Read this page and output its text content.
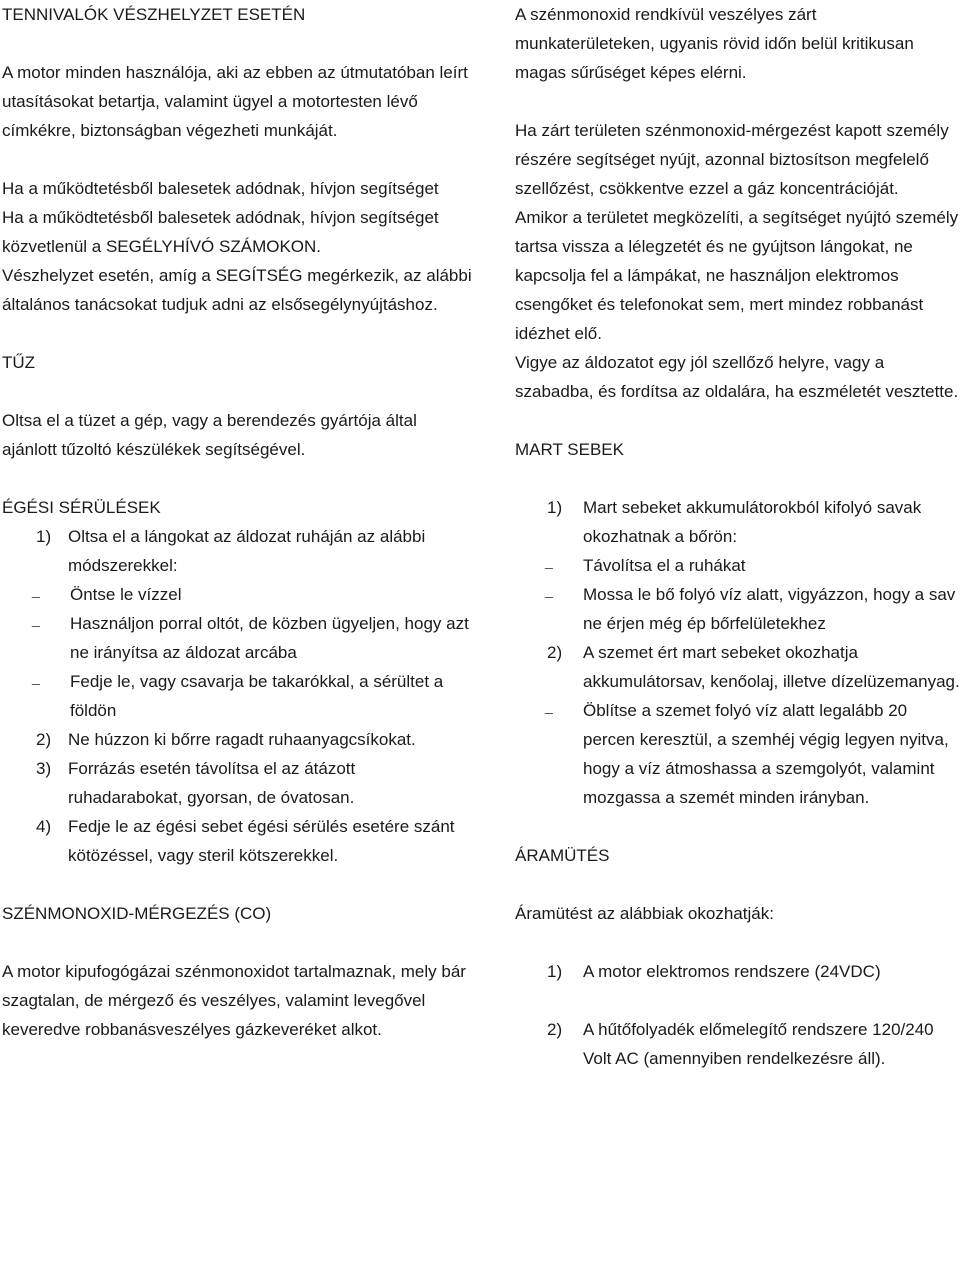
TENNIVALÓK VÉSZHELYZET ESETÉN

A motor minden használója, aki az ebben az útmutatóban leírt utasításokat betartja, valamint ügyel a motortesten lévő címkékre, biztonságban végezheti munkáját.

Ha a működtetésből balesetek adódnak, hívjon segítséget

Ha a működtetésből balesetek adódnak, hívjon segítséget közvetlenül a SEGÉLYHÍVÓ SZÁMOKON.

Vészhelyzet esetén, amíg a SEGÍTSÉG megérkezik, az alábbi általános tanácsokat tudjuk adni az elsősegélynyújtáshoz.

TŰZ

Oltsa el a tüzet a gép, vagy a berendezés gyártója által ajánlott tűzoltó készülékek segítségével.

ÉGÉSI SÉRÜLÉSEK

1) Oltsa el a lángokat az áldozat ruháján az alábbi módszerekkel:
_ Öntse le vízzel
_ Használjon porral oltót, de közben ügyeljen, hogy azt ne irányítsa az áldozat arcába
_ Fedje le, vagy csavarja be takarókkal, a sérültet a földön
2) Ne húzzon ki bőrre ragadt ruhaanyagcsíkokat.
3) Forrázás esetén távolítsa el az átázott ruhadarabokat, gyorsan, de óvatosan.
4) Fedje le az égési sebet égési sérülés esetére szánt kötözéssel, vagy steril kötszerekkel.

SZÉNMONOXID-MÉRGEZÉS (CO)

A motor kipufogógázai szénmonoxidot tartalmaznak, mely bár szagtalan, de mérgező és veszélyes, valamint levegővel keveredve robbanásveszélyes gázkeveréket alkot.

A szénmonoxid rendkívül veszélyes zárt munkaterületeken, ugyanis rövid időn belül kritikusan magas sűrűséget képes elérni.

Ha zárt területen szénmonoxid-mérgezést kapott személy részére segítséget nyújt, azonnal biztosítson megfelelő szellőzést, csökkentve ezzel a gáz koncentrációját.

Amikor a területet megközelíti, a segítséget nyújtó személy tartsa vissza a lélegzetét és ne gyújtson lángokat, ne kapcsolja fel a lámpákat, ne használjon elektromos csengőket és telefonokat sem, mert mindez robbanást idézhet elő.

Vigye az áldozatot egy jól szellőző helyre, vagy a szabadba, és fordítsa az oldalára, ha eszméletét vesztette.

MART SEBEK

1) Mart sebeket akkumulátorokból kifolyó savak okozhatnak a bőrön:
_ Távolítsa el a ruhákat
_ Mossa le bő folyó víz alatt, vigyázzon, hogy a sav ne érjen még ép bőrfelületekhez
2) A szemet ért mart sebeket okozhatja akkumulátorsav, kenőolaj, illetve dízelüzemanyag.
_ Öblítse a szemet folyó víz alatt legalább 20 percen keresztül, a szemhéj végig legyen nyitva, hogy a víz átmoshassa a szemgolyót, valamint mozgassa a szemét minden irányban.

ÁRAMÜTÉS

Áramütést az alábbiak okozhatják:

1) A motor elektromos rendszere (24VDC)
2) A hűtőfolyadék előmelegítő rendszere 120/240 Volt AC (amennyiben rendelkezésre áll).
